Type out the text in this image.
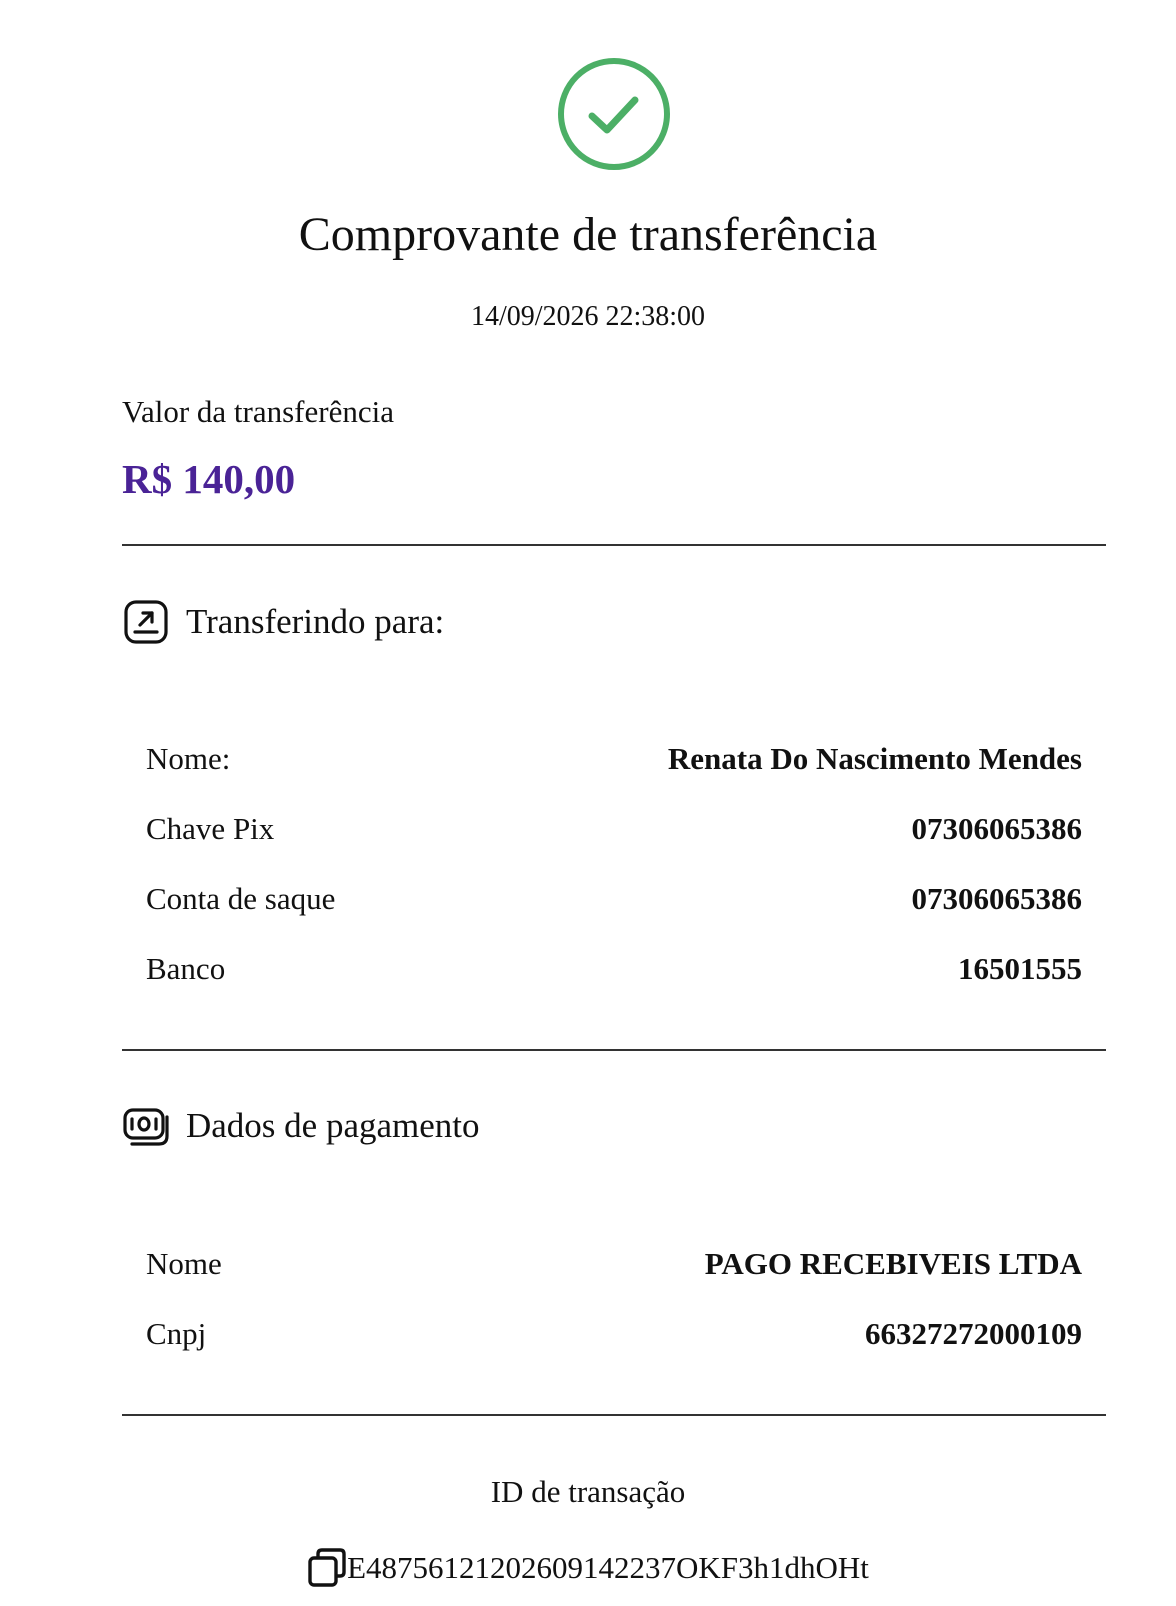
Comprovante de transferência
14/09/2026 22:38:00
Valor da transferência
R$ 140,00
Transferindo para:
Nome:	Renata Do Nascimento Mendes
Chave Pix	07306065386
Conta de saque	07306065386
Banco	16501555
Dados de pagamento
Nome	PAGO RECEBIVEIS LTDA
Cnpj	66327272000109
ID de transação
E48756121202609142237OKF3h1dhOHt
